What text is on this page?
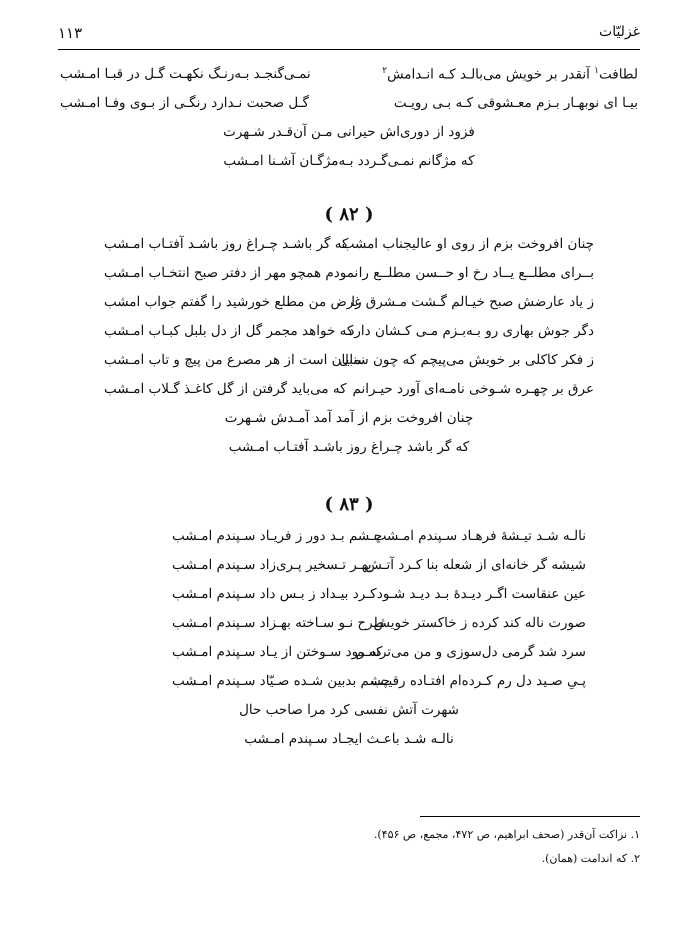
غزلیّات
۱۱۳
لطافت$^۱$ آنقدر بر خویش می‌بالـد کـه انـدامش$^۲$
نمـی‌گنجـد بـه‌رنـگ نکهـت گـل در قبـا امـشب
بیـا ای نوبهـار بـزم معـشوقی کـه بـی رویـت
گـل صحبت نـدارد رنگـی از بـوی وفـا امـشب
فزود از دوری‌اش حیرانی مـن آن‌قـدر شـهرت
که مژگانم نمـی‌گـردد بـه‌مژگـان آشـنا امـشب
( ۸۲ )
چنان افروخت بزم از روی او عالیجناب امشب
که گر باشـد چـراغ روز باشـد آفتـاب امـشب
بــرای مطلــع یــاد رخ او حــسن مطلــع را
نمودم همچو مهر از دفتر صبح انتخـاب امـشب
ز یاد عارضش صبح خیـالم گـشت مـشرق را
غرض من مطلع خورشید را گفتم جواب امشب
دگر جوش بهاری رو بـه‌بـزم مـی کـشان دارد
که خواهد مجمر گل از دل بلبل کبـاب امـشب
ز فکر کاکلی بر خویش می‌پیچم که چون سنبل
نمایان است از هر مصرع من پیچ و تاب امـشب
عرق بر چهـره شـوخی نامـه‌ای آورد حیـرانم
که می‌باید گرفتن از گل کاغـذ گـلاب امـشب
چنان افروخت بزم از آمد آمد آمـدش شـهرت
که گر باشد چـراغ روز باشـد آفتـاب امـشب
( ۸۳ )
نالـه شـد تیـشهٔ فرهـاد سـپندم امـشب
چـشم بـد دور ز فریـاد سـپندم امـشب
شیشه گر خانه‌ای از شعله بنا کـرد آتـش
بهـر تـسخیر پـری‌زاد سـپندم امـشب
عین عنقاست اگـر دیـدهٔ بـد دیـد شـود
کـرد بیـداد ز بـس داد سـپندم امـشب
صورت ناله کند کرده ز خاکستر خویش
طرح نـو سـاخته بهـزاد سـپندم امـشب
سرد شد گرمی دل‌سوزی و من می‌ترسـم
که رود سـوختن از یـاد سـپندم امـشب
پـیِ صـید دل رم کـرده‌ام افتـاده رقیـب
چشم بدبین شـده صـیّاد سـپندم امـشب
شهرت آتش نفسی کرد مرا صاحب حال
نالـه شـد باعـث ایجـاد سـپندم امـشب
۱. نزاکت آن‌قدر (صحف ابراهیم، ص ۴۷۲، مجمع، ص ۴۵۶).
۲. که اندامت (همان).
